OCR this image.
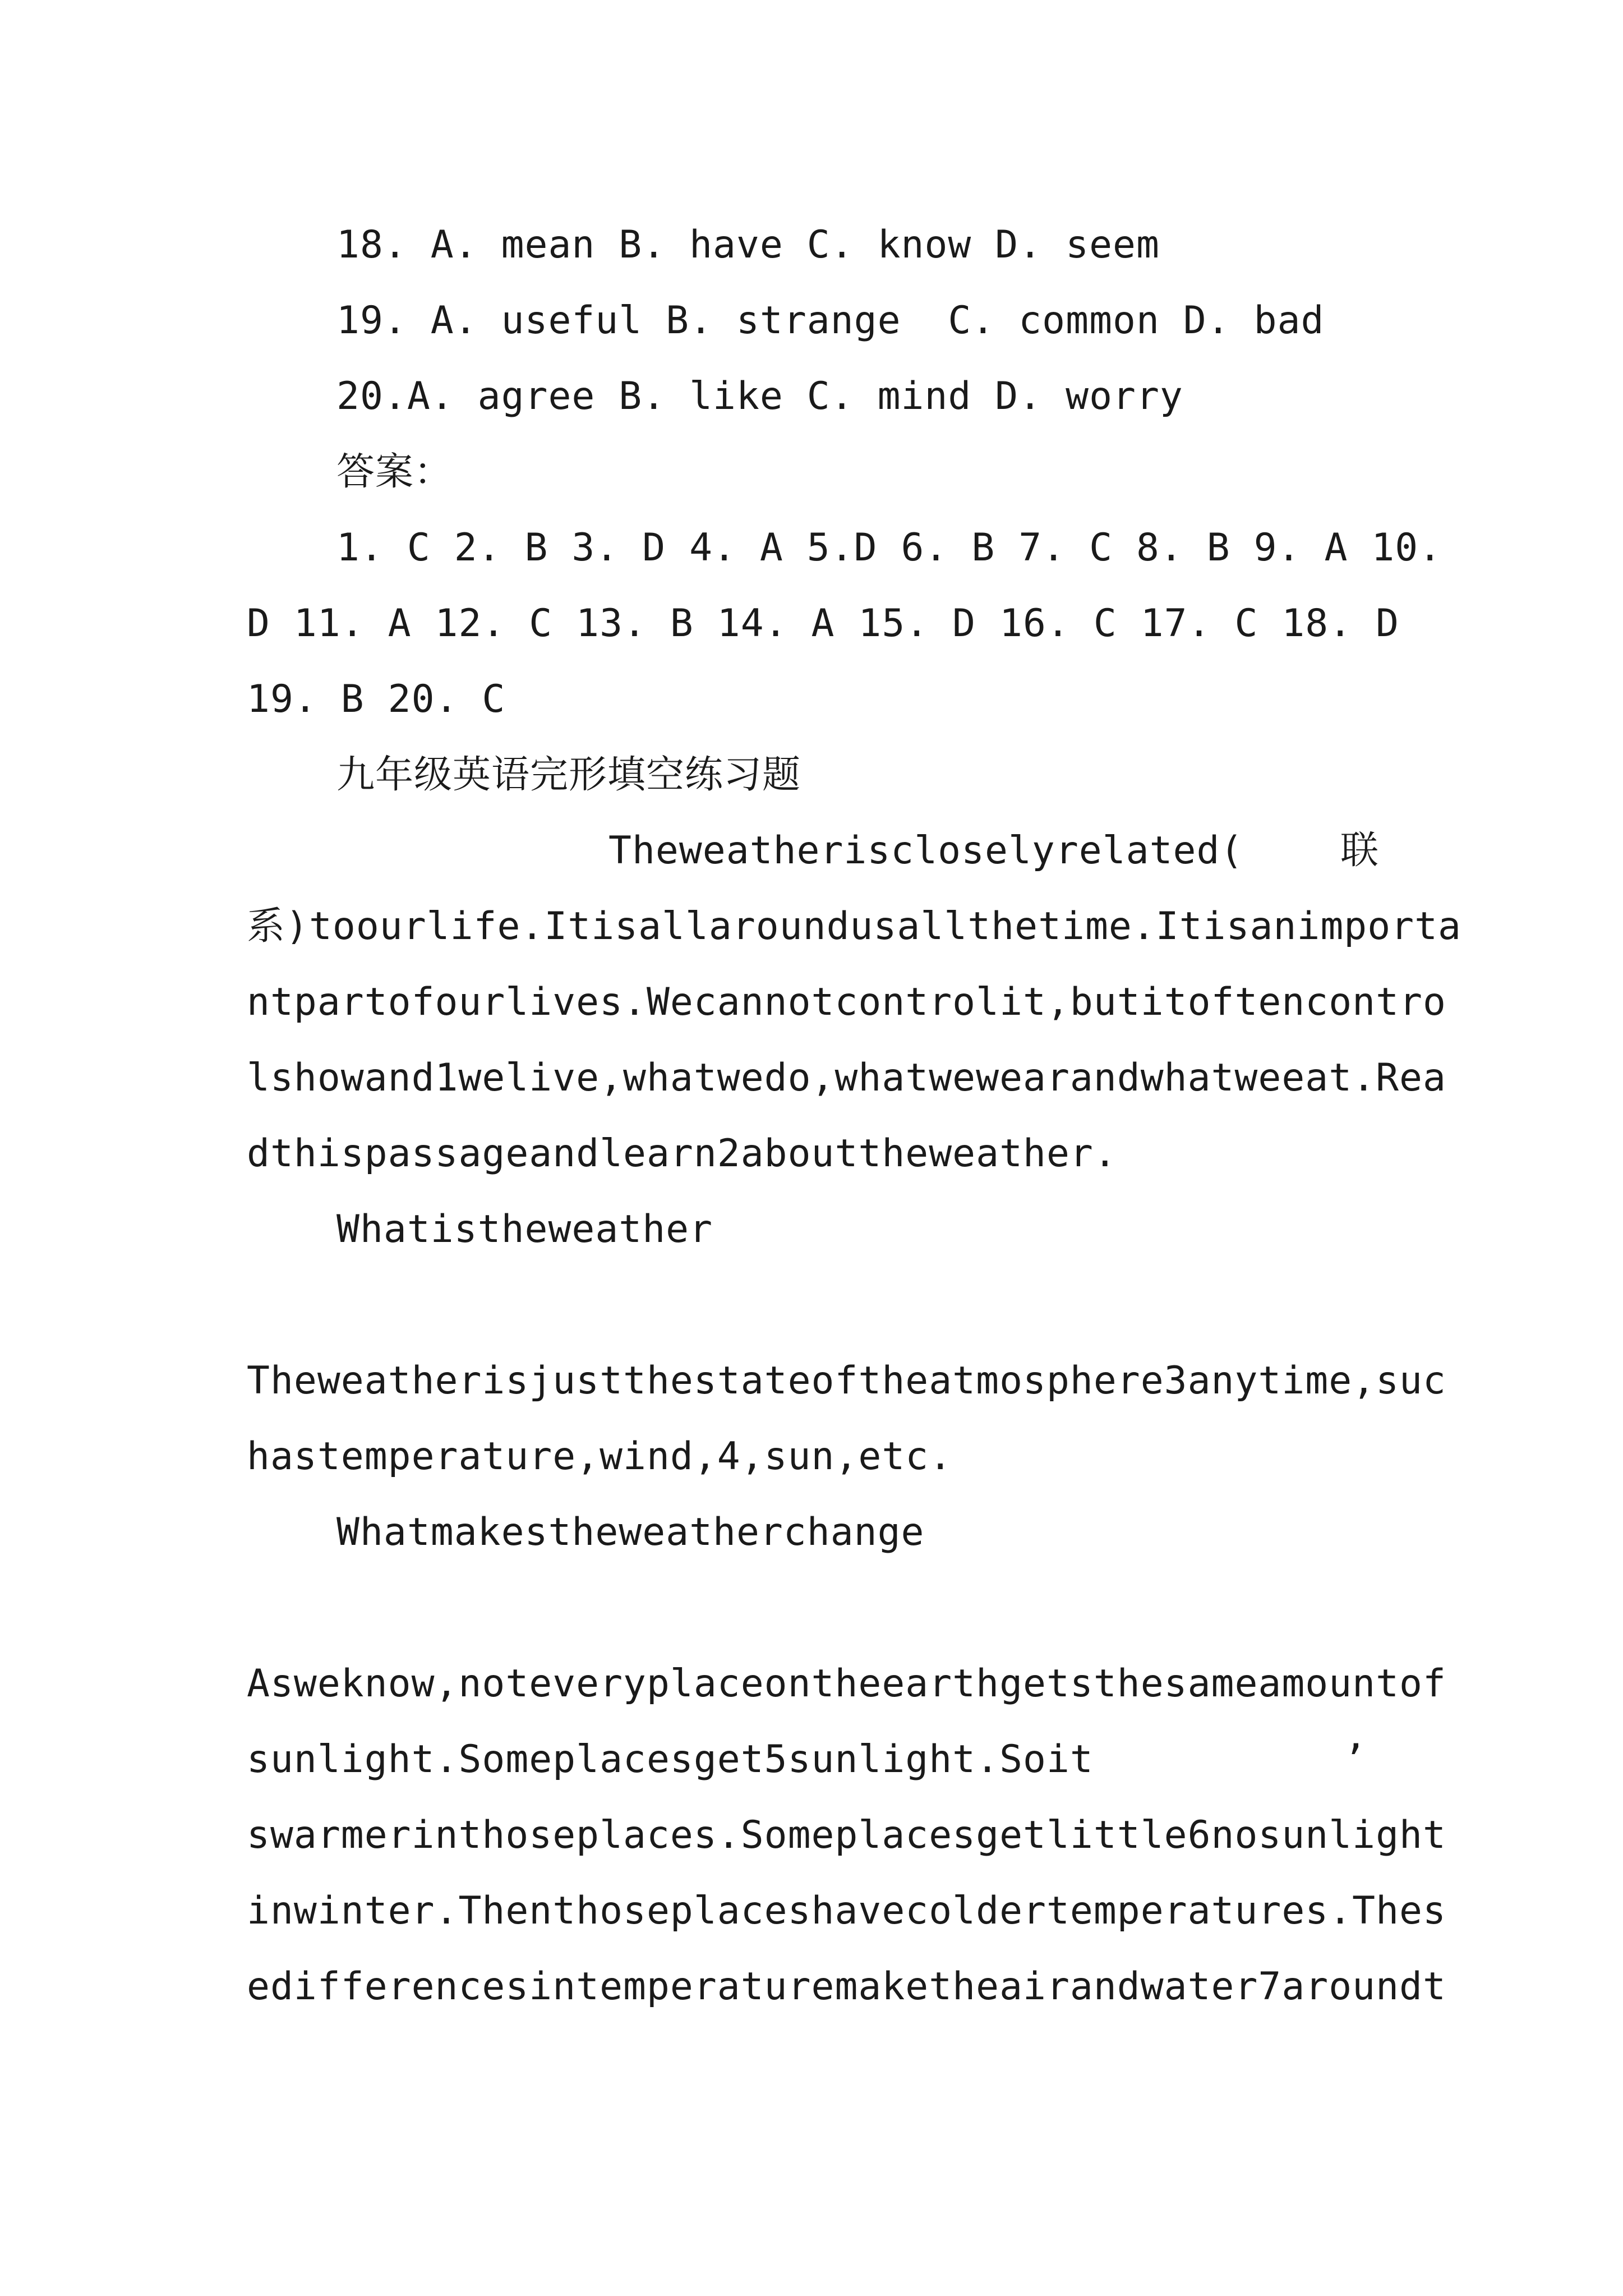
18. A. mean B. have C. know D. seem
19. A. useful B. strange  C. common D. bad
20.A. agree B. like C. mind D. worry
答案：
1. C 2. B 3. D 4. A 5.D 6. B 7. C 8. B 9. A 10.
D 11. A 12. C 13. B 14. A 15. D 16. C 17. C 18. D
19. B 20. C
九年级英语完形填空练习题
Theweatheriscloselyrelated(	联
系)toourlife.Itisallaroundusallthetime.Itisanimporta
ntpartofourlives.Wecannotcontrolit,butitoftencontro
lshowand1welive,whatwedo,whatwewearandwhatweeat.Rea
dthispassageandlearn2abouttheweather.
Whatistheweather
Theweatherisjustthestateoftheatmosphere3anytime,suc
hastemperature,wind,4,sun,etc.
Whatmakestheweatherchange
Asweknow,noteveryplaceontheearthgetsthesameamountof
sunlight.Someplacesget5sunlight.Soit	’
swarmerinthoseplaces.Someplacesgetlittle6nosunlight
inwinter.Thenthoseplaceshavecoldertemperatures.Thes
edifferencesintemperaturemaketheairandwater7aroundt
